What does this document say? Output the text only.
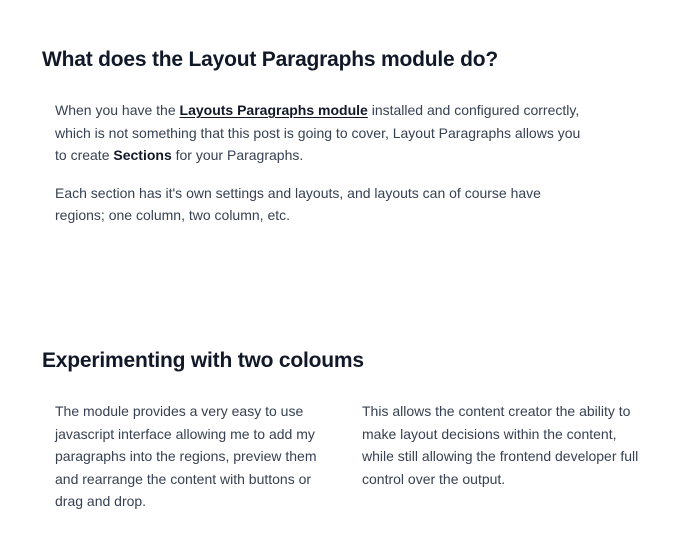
What does the Layout Paragraphs module do?

When you have the Layouts Paragraphs module installed and configured correctly, which is not something that this post is going to cover, Layout Paragraphs allows you to create Sections for your Paragraphs.

Each section has it's own settings and layouts, and layouts can of course have regions; one column, two column, etc.

Experimenting with two coloums

The module provides a very easy to use javascript interface allowing me to add my paragraphs into the regions, preview them and rearrange the content with buttons or drag and drop.

This allows the content creator the ability to make layout decisions within the content, while still allowing the frontend developer full control over the output.
